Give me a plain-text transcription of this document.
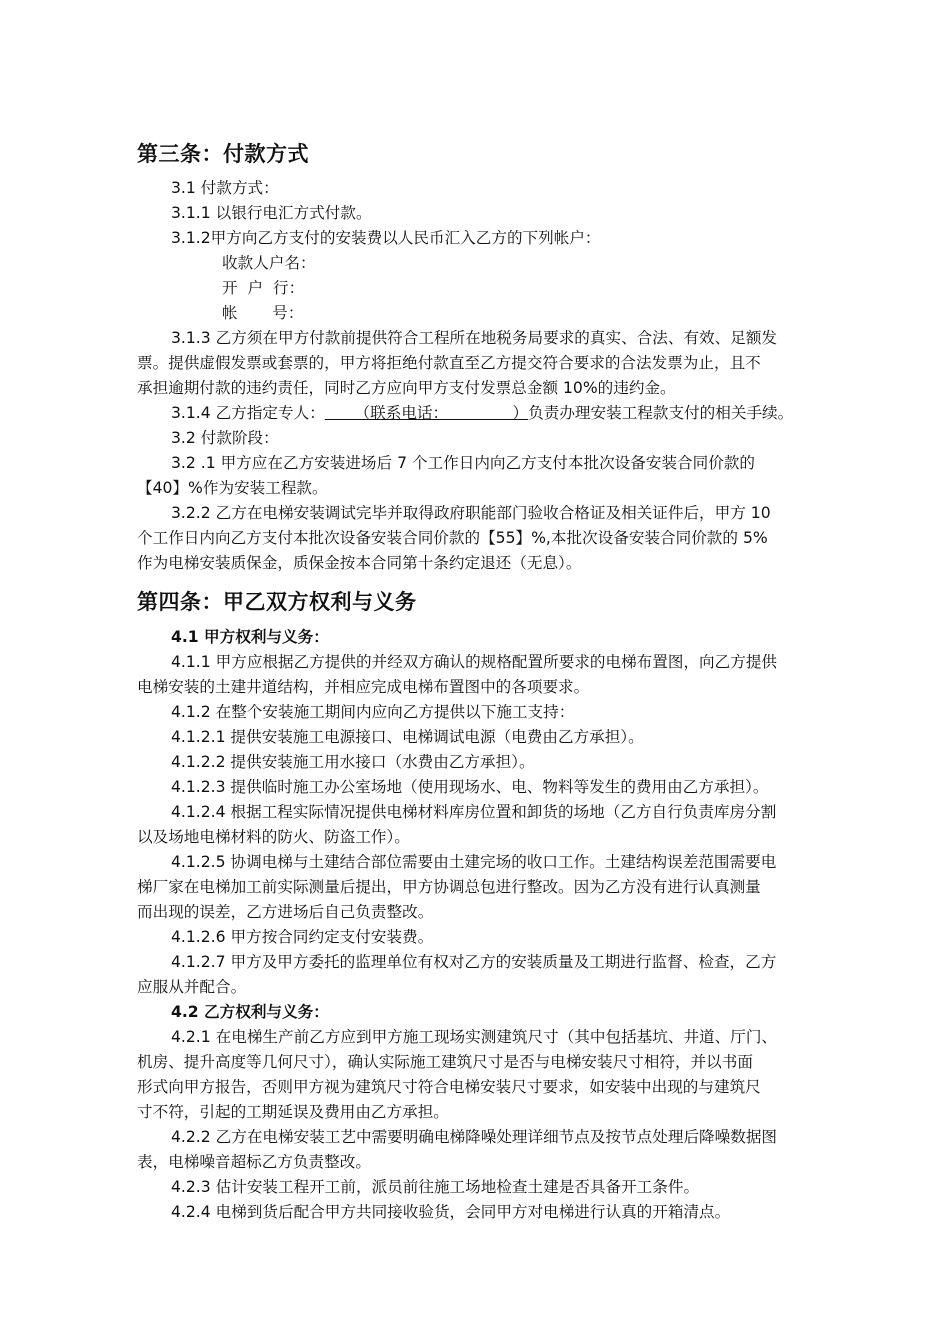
第三条：付款方式
3.1 付款方式：
3.1.1 以银行电汇方式付款。
3.1.2甲方向乙方支付的安装费以人民币汇入乙方的下列帐户：
收款人户名：
开  户  行：
帐       号：
3.1.3 乙方须在甲方付款前提供符合工程所在地税务局要求的真实、合法、有效、足额发
票。提供虚假发票或套票的，甲方将拒绝付款直至乙方提交符合要求的合法发票为止，且不
承担逾期付款的违约责任，同时乙方应向甲方支付发票总金额 10%的违约金。
3.1.4 乙方指定专人：      （联系电话：             ）负责办理安装工程款支付的相关手续。
3.2 付款阶段：
3.2 .1 甲方应在乙方安装进场后 7 个工作日内向乙方支付本批次设备安装合同价款的
【40】%作为安装工程款。
3.2.2 乙方在电梯安装调试完毕并取得政府职能部门验收合格证及相关证件后，甲方 10
个工作日内向乙方支付本批次设备安装合同价款的【55】%,本批次设备安装合同价款的 5%
作为电梯安装质保金，质保金按本合同第十条约定退还（无息）。
第四条：甲乙双方权利与义务
4.1 甲方权利与义务：
4.1.1 甲方应根据乙方提供的并经双方确认的规格配置所要求的电梯布置图，向乙方提供
电梯安装的土建井道结构，并相应完成电梯布置图中的各项要求。
4.1.2 在整个安装施工期间内应向乙方提供以下施工支持：
4.1.2.1 提供安装施工电源接口、电梯调试电源（电费由乙方承担）。
4.1.2.2 提供安装施工用水接口（水费由乙方承担）。
4.1.2.3 提供临时施工办公室场地（使用现场水、电、物料等发生的费用由乙方承担）。
4.1.2.4 根据工程实际情况提供电梯材料库房位置和卸货的场地（乙方自行负责库房分割
以及场地电梯材料的防火、防盗工作）。
4.1.2.5 协调电梯与土建结合部位需要由土建完场的收口工作。土建结构误差范围需要电
梯厂家在电梯加工前实际测量后提出，甲方协调总包进行整改。因为乙方没有进行认真测量
而出现的误差，乙方进场后自己负责整改。
4.1.2.6 甲方按合同约定支付安装费。
4.1.2.7 甲方及甲方委托的监理单位有权对乙方的安装质量及工期进行监督、检查，乙方
应服从并配合。
4.2 乙方权利与义务：
4.2.1 在电梯生产前乙方应到甲方施工现场实测建筑尺寸（其中包括基坑、井道、厅门、
机房、提升高度等几何尺寸），确认实际施工建筑尺寸是否与电梯安装尺寸相符，并以书面
形式向甲方报告，否则甲方视为建筑尺寸符合电梯安装尺寸要求，如安装中出现的与建筑尺
寸不符，引起的工期延误及费用由乙方承担。
4.2.2 乙方在电梯安装工艺中需要明确电梯降噪处理详细节点及按节点处理后降噪数据图
表，电梯噪音超标乙方负责整改。
4.2.3 估计安装工程开工前，派员前往施工场地检查土建是否具备开工条件。
4.2.4 电梯到货后配合甲方共同接收验货，会同甲方对电梯进行认真的开箱清点。
